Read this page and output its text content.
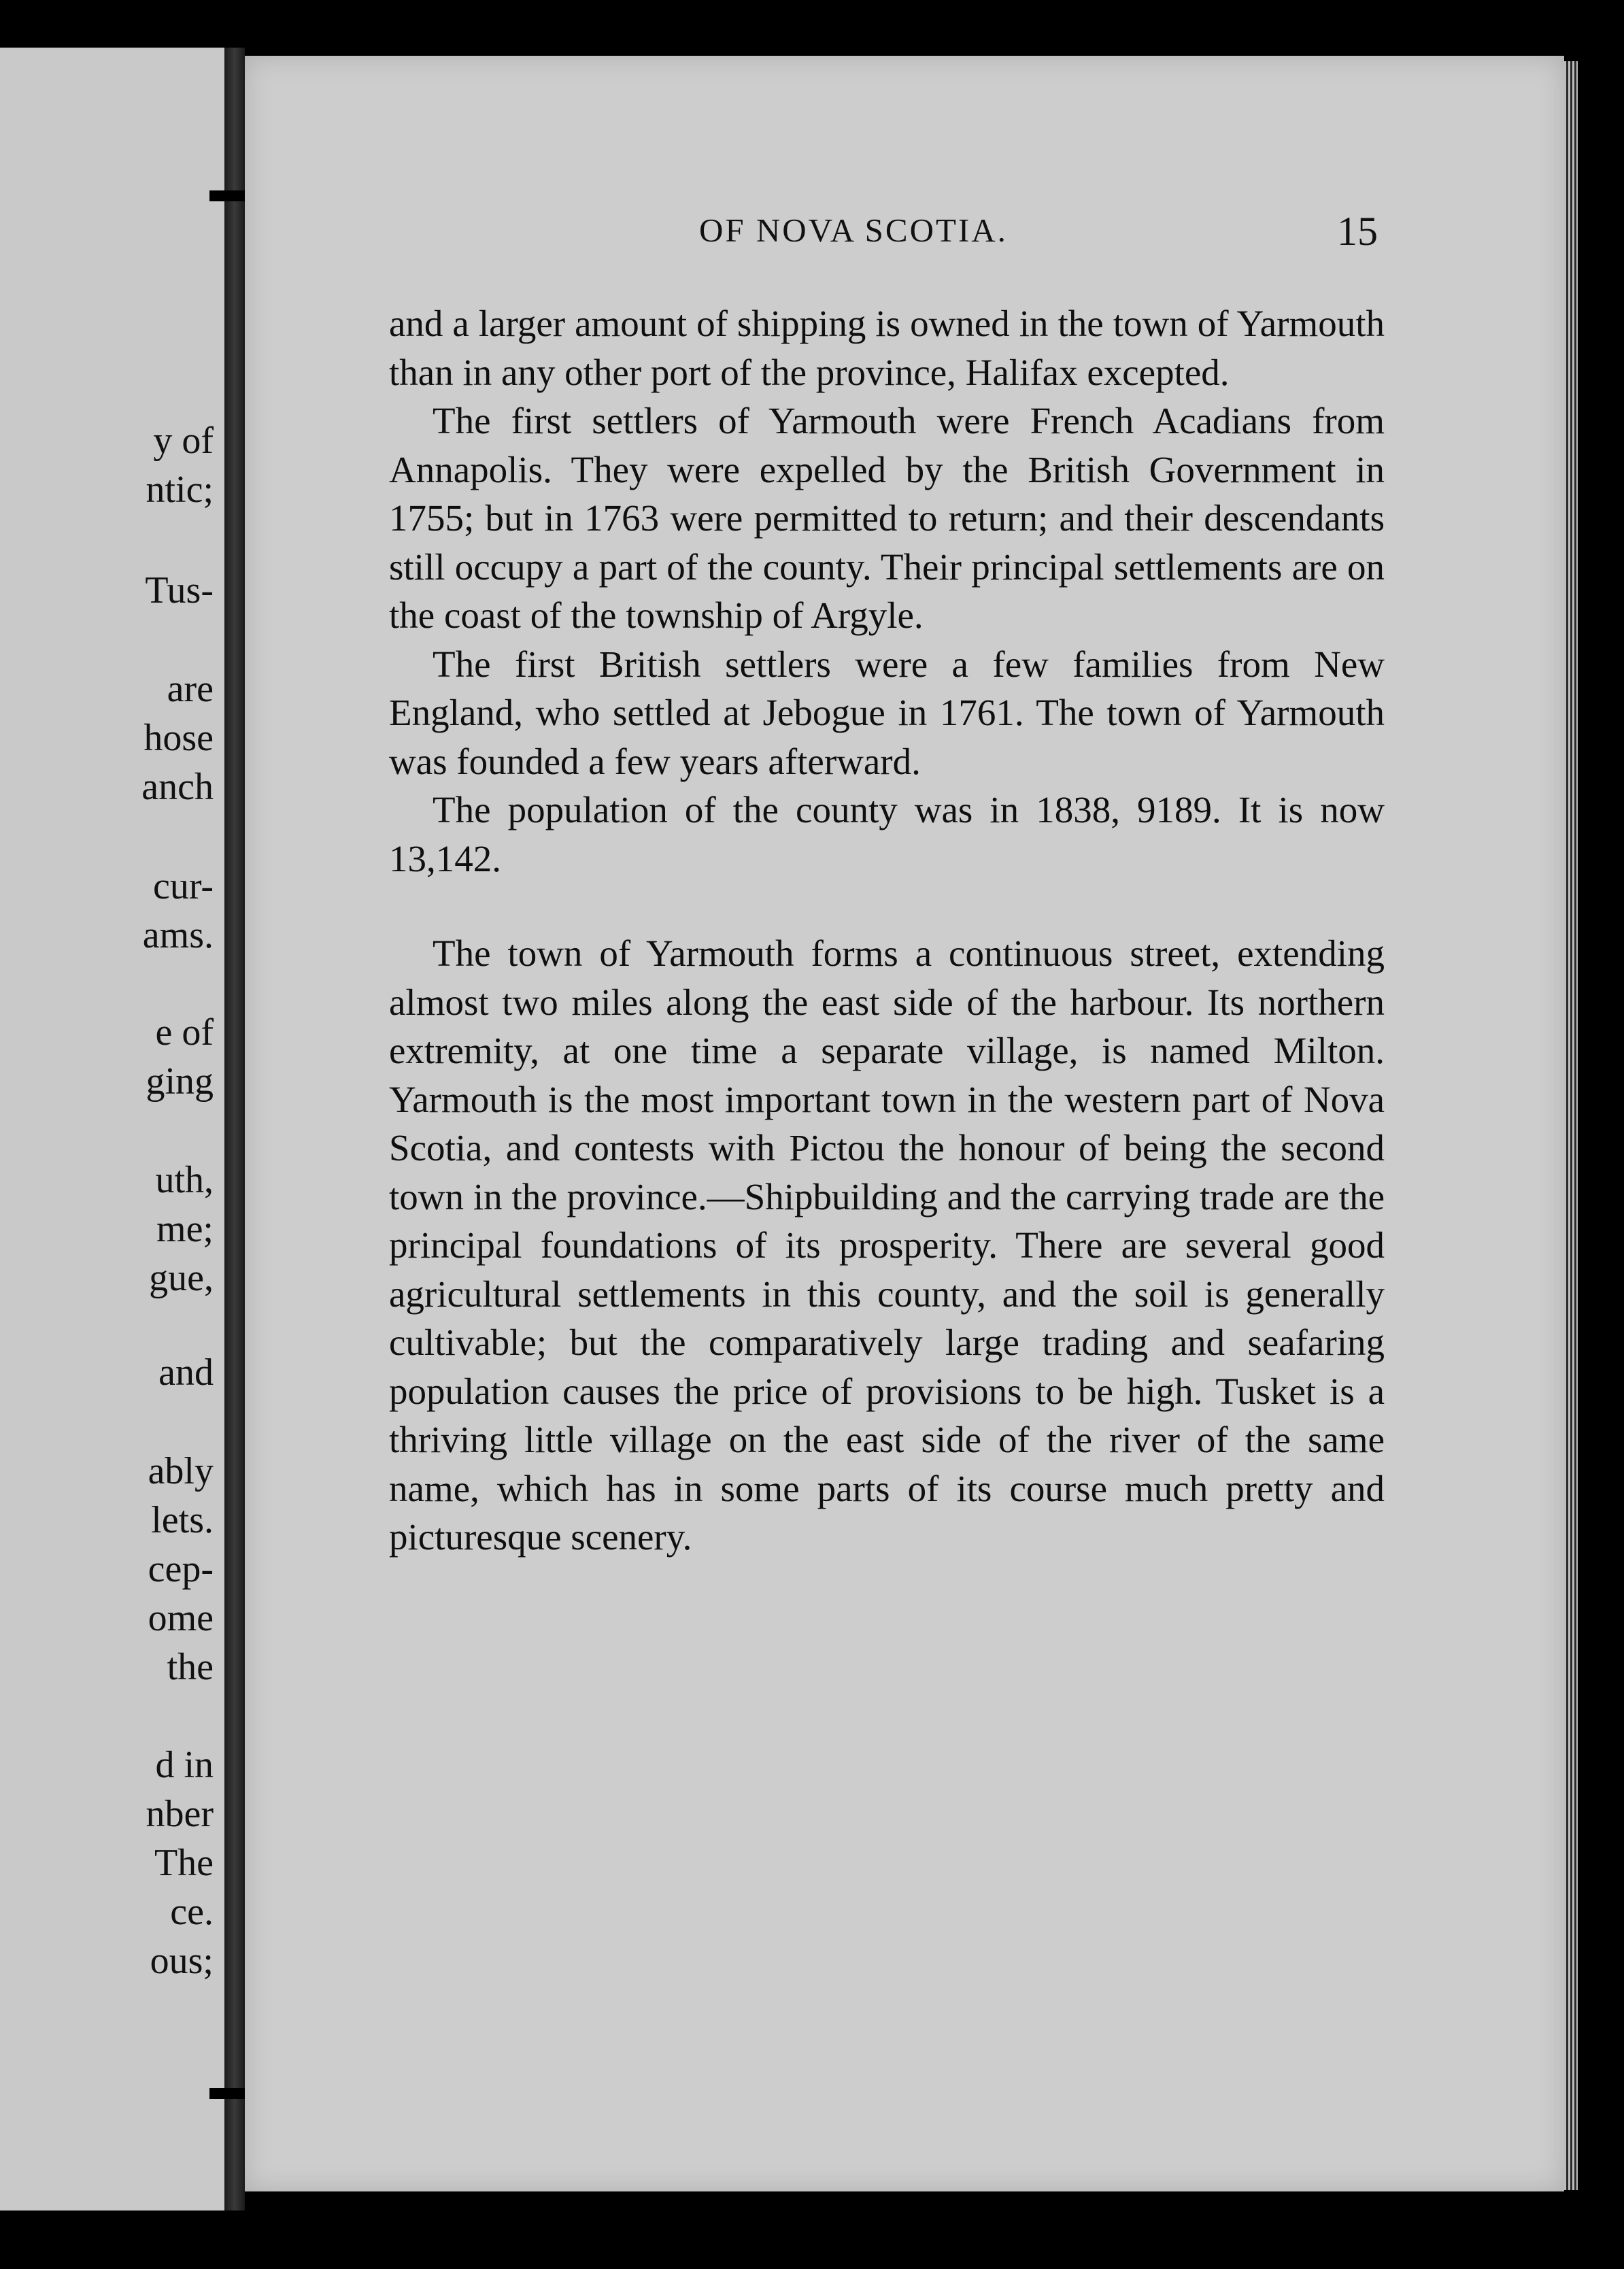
y of
ntic;
Tus-
are
hose
anch
cur-
ams.
e of
ging
uth,
me;
gue,
and
ably
lets.
cep-
ome
the
d in
nber
The
ce.
ous;
OF NOVA SCOTIA.	15

and a larger amount of shipping is owned in the town of Yarmouth than in any other port of the province, Halifax excepted.

The first settlers of Yarmouth were French Acadians from Annapolis. They were expelled by the British Government in 1755; but in 1763 were permitted to return; and their descendants still occupy a part of the county. Their principal settlements are on the coast of the township of Argyle.

The first British settlers were a few families from New England, who settled at Jebogue in 1761. The town of Yarmouth was founded a few years afterward.

The population of the county was in 1838, 9189. It is now 13,142.

The town of Yarmouth forms a continuous street, extending almost two miles along the east side of the harbour. Its northern extremity, at one time a separate village, is named Milton. Yarmouth is the most important town in the western part of Nova Scotia, and contests with Pictou the honour of being the second town in the province.—Shipbuilding and the carrying trade are the principal foundations of its prosperity. There are several good agricultural settlements in this county, and the soil is generally cultivable; but the comparatively large trading and seafaring population causes the price of provisions to be high. Tusket is a thriving little village on the east side of the river of the same name, which has in some parts of its course much pretty and picturesque scenery.
